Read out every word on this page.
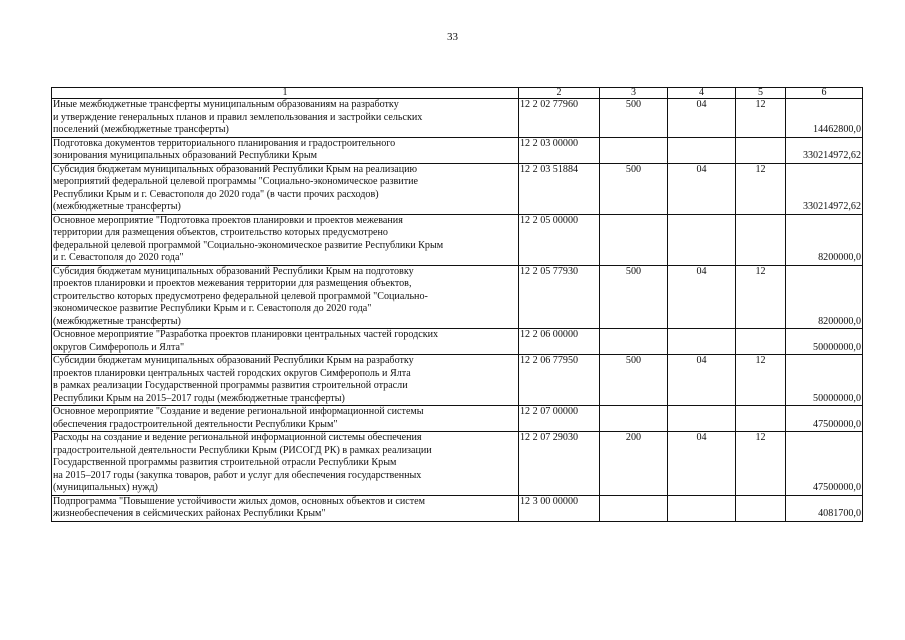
33
1	2	3	4	5	6
Иные межбюджетные трансферты муниципальным образованиям на разработку
и утверждение генеральных планов и правил землепользования и застройки сельских
поселений (межбюджетные трансферты)	12 2 02 77960	500	04	12	14462800,0
Подготовка документов территориального планирования и градостроительного
зонирования муниципальных образований Республики Крым	12 2 03 00000				330214972,62
Субсидия бюджетам муниципальных образований Республики Крым на реализацию
мероприятий федеральной целевой программы "Социально-экономическое развитие
Республики Крым и г. Севастополя до 2020 года" (в части прочих расходов)
(межбюджетные трансферты)	12 2 03 51884	500	04	12	330214972,62
Основное мероприятие "Подготовка проектов планировки и проектов межевания
территории для размещения объектов, строительство которых предусмотрено
федеральной целевой программой "Социально-экономическое развитие Республики Крым
и г. Севастополя до 2020 года"	12 2 05 00000				8200000,0
Субсидия бюджетам муниципальных образований Республики Крым на подготовку
проектов планировки и проектов межевания территории для размещения объектов,
строительство которых предусмотрено федеральной целевой программой "Социально-
экономическое развитие Республики Крым и г. Севастополя до 2020 года"
(межбюджетные трансферты)	12 2 05 77930	500	04	12	8200000,0
Основное мероприятие "Разработка проектов планировки центральных частей городских
округов Симферополь и Ялта"	12 2 06 00000				50000000,0
Субсидии бюджетам муниципальных образований Республики Крым на разработку
проектов планировки центральных частей городских округов Симферополь и Ялта
в рамках реализации Государственной программы развития строительной отрасли
Республики Крым на 2015–2017 годы (межбюджетные трансферты)	12 2 06 77950	500	04	12	50000000,0
Основное мероприятие "Создание и ведение региональной информационной системы
обеспечения градостроительной деятельности Республики Крым"	12 2 07 00000				47500000,0
Расходы на создание и ведение региональной информационной системы обеспечения
градостроительной деятельности Республики Крым (РИСОГД РК) в рамках реализации
Государственной программы развития строительной отрасли Республики Крым
на 2015–2017 годы (закупка товаров, работ и услуг для обеспечения государственных
(муниципальных) нужд)	12 2 07 29030	200	04	12	47500000,0
Подпрограмма "Повышение устойчивости жилых домов, основных объектов и систем
жизнеобеспечения в сейсмических районах Республики Крым"	12 3 00 00000				4081700,0
